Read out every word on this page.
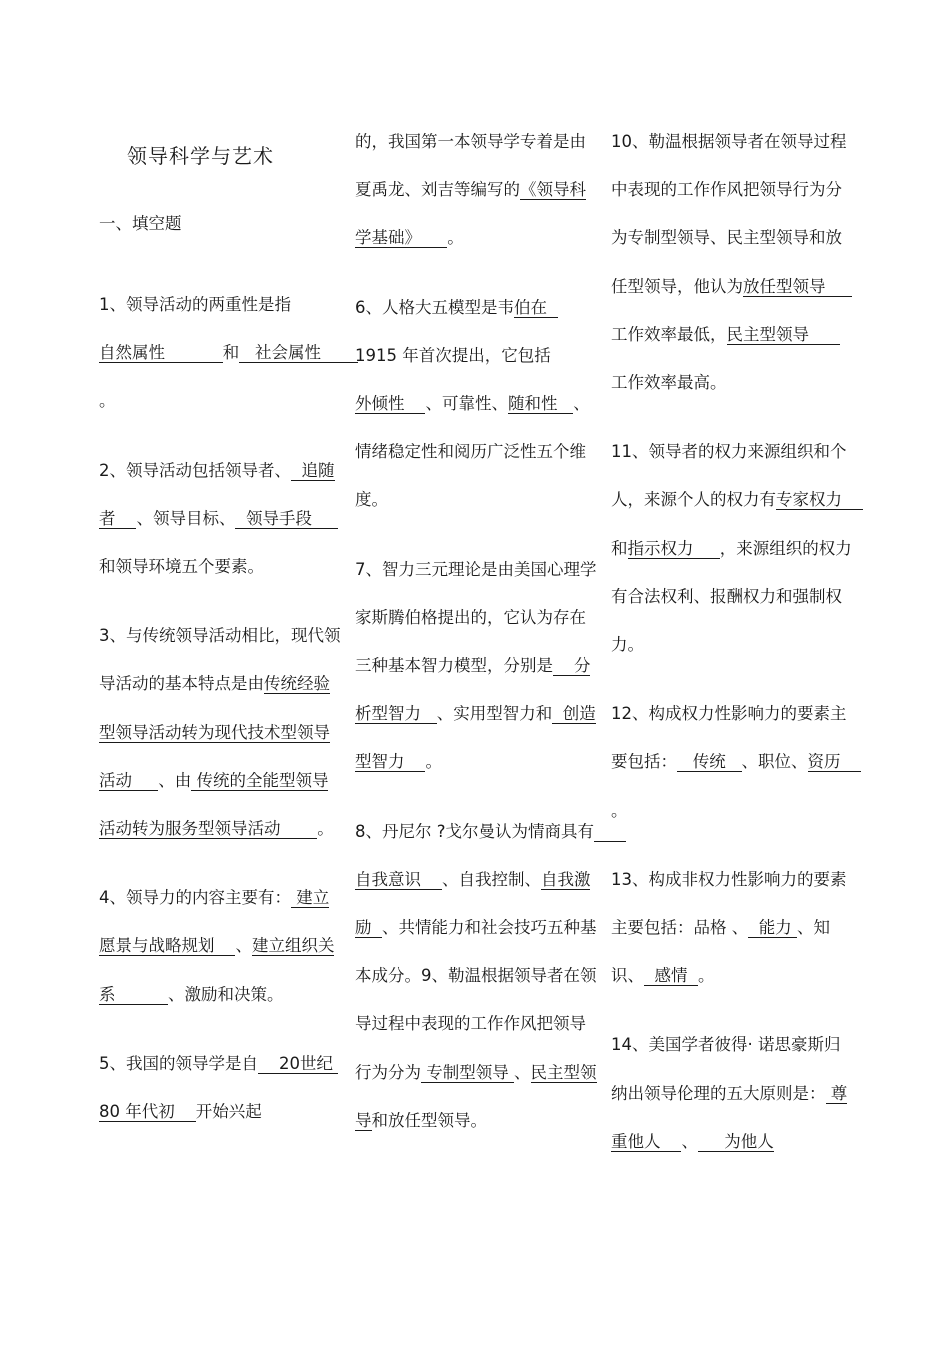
领导科学与艺术
一、填空题

1、领导活动的两重性是指
自然属性	和 社会属性       。

2、领导活动包括领导者、 追随者 、领导目标、 领导手段     和领导环境五个要素。

3、与传统领导活动相比，现代领导活动的基本特点是由传统经验型领导活动转为现代技术型领导活动 、由 传统的全能型领导活动转为服务型领导活动 。

4、领导力的内容主要有： 建立愿景与战略规划 、建立组织关系	、激励和决策。

5、我国的领导学是自 20世纪 80 年代初 开始兴起

的，我国第一本领导学专着是由夏禹龙、刘吉等编写的《领导科学基础》 。

6、人格大五模型是韦伯在
1915 年首次提出，它包括
外倾性 、可靠性、随和性 、情绪稳定性和阅历广泛性五个维度。

7、智力三元理论是由美国心理学家斯腾伯格提出的，它认为存在三种基本智力模型，分别是 分析型智力 、实用型智力和 创造型智力 。

8、丹尼尔 ?戈尔曼认为情商具有      自我意识 、自我控制、自我激励 、共情能力和社会技巧五种基本成分。9、勒温根据领导者在领导过程中表现的工作作风把领导行为分为 专制型领导 、民主型领导和放任型领导。

10、勒温根据领导者在领导过程中表现的工作作风把领导行为分为专制型领导、民主型领导和放任型领导，他认为放任型领导     工作效率最低，民主型领导      工作效率最高。

11、领导者的权力来源组织和个人，来源个人的权力有专家权力    和指示权力 ，来源组织的权力有合法权利、报酬权力和强制权力。

12、构成权力性影响力的要素主要包括： 传统 、职位、资历    。

13、构成非权力性影响力的要素主要包括：品格 、 能力 、知识、 感情 。

14、美国学者彼得· 诺思豪斯归纳出领导伦理的五大原则是： 尊重他人 、 为他人
